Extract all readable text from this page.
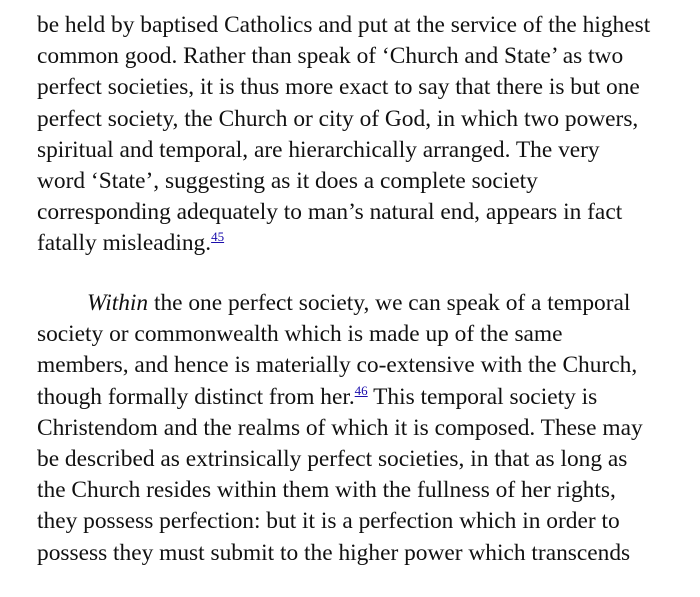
be held by baptised Catholics and put at the service of the highest
common good. Rather than speak of ‘Church and State’ as two
perfect societies, it is thus more exact to say that there is but one
perfect society, the Church or city of God, in which two powers,
spiritual and temporal, are hierarchically arranged. The very
word ‘State’, suggesting as it does a complete society
corresponding adequately to man’s natural end, appears in fact
fatally misleading.$^{45}$

Within the one perfect society, we can speak of a temporal
society or commonwealth which is made up of the same
members, and hence is materially co-extensive with the Church,
though formally distinct from her.$^{46}$ This temporal society is
Christendom and the realms of which it is composed. These may
be described as extrinsically perfect societies, in that as long as
the Church resides within them with the fullness of her rights,
they possess perfection: but it is a perfection which in order to
possess they must submit to the higher power which transcends
